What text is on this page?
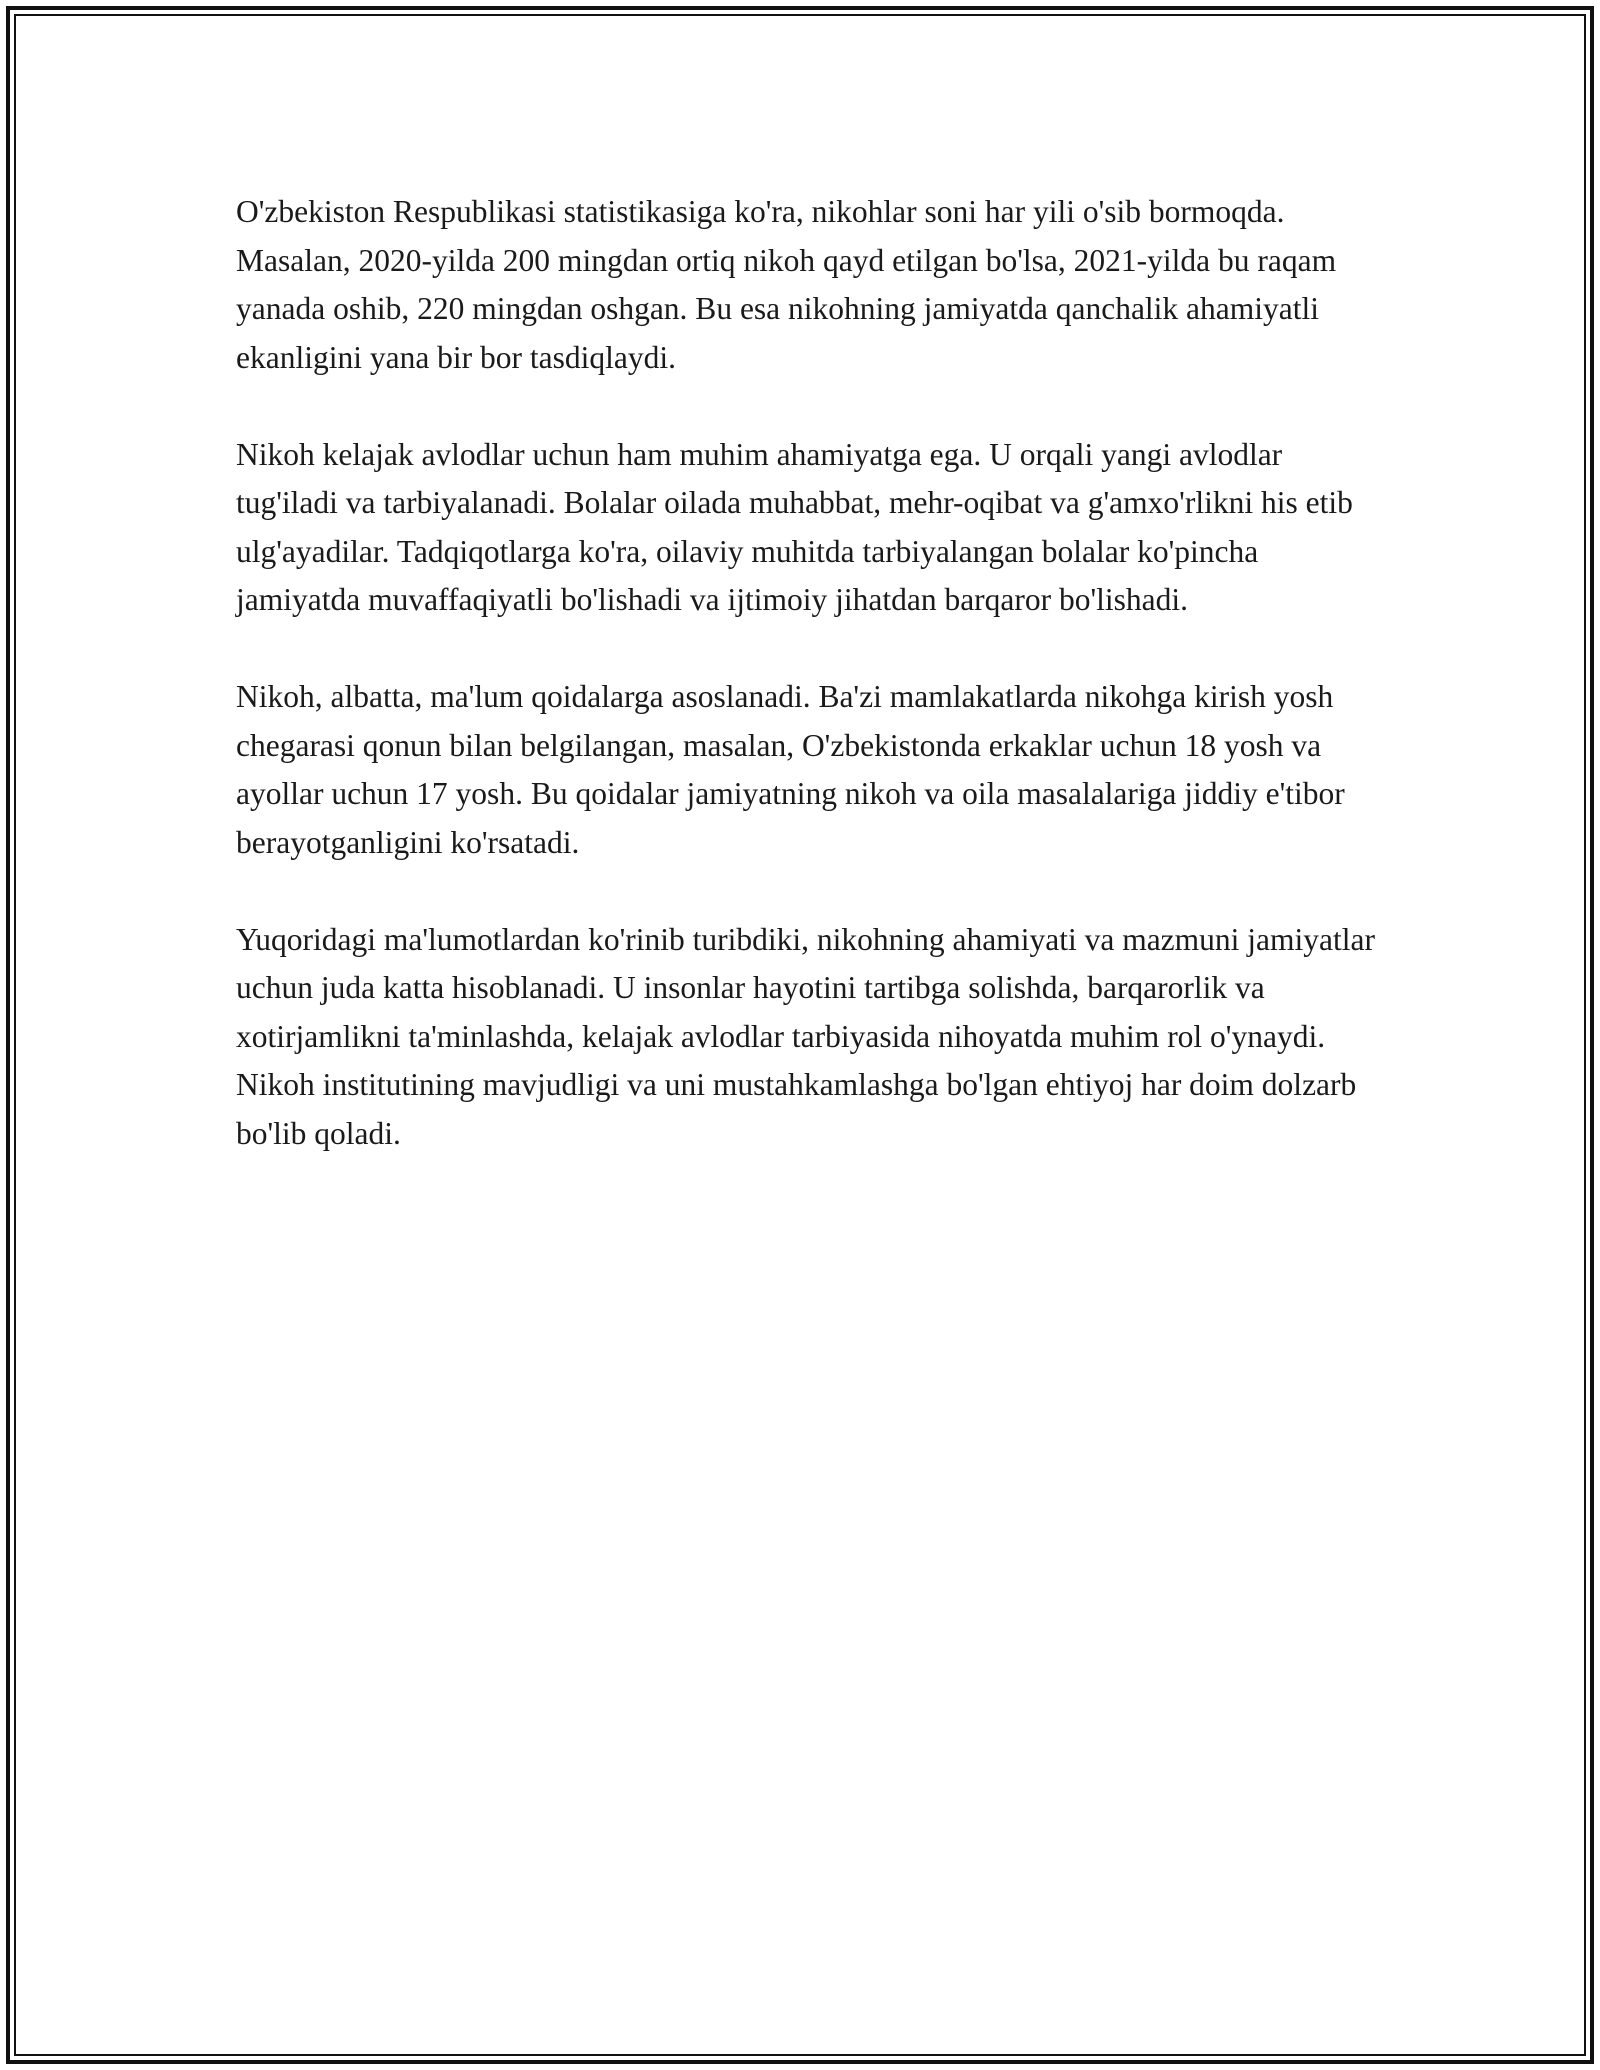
O'zbekiston Respublikasi statistikasiga ko'ra, nikohlar soni har yili o'sib bormoqda. Masalan, 2020-yilda 200 mingdan ortiq nikoh qayd etilgan bo'lsa, 2021-yilda bu raqam yanada oshib, 220 mingdan oshgan. Bu esa nikohning jamiyatda qanchalik ahamiyatli ekanligini yana bir bor tasdiqlaydi.

Nikoh kelajak avlodlar uchun ham muhim ahamiyatga ega. U orqali yangi avlodlar tug'iladi va tarbiyalanadi. Bolalar oilada muhabbat, mehr-oqibat va g'amxo'rlikni his etib ulg'ayadilar. Tadqiqotlarga ko'ra, oilaviy muhitda tarbiyalangan bolalar ko'pincha jamiyatda muvaffaqiyatli bo'lishadi va ijtimoiy jihatdan barqaror bo'lishadi.

Nikoh, albatta, ma'lum qoidalarga asoslanadi. Ba'zi mamlakatlarda nikohga kirish yosh chegarasi qonun bilan belgilangan, masalan, O'zbekistonda erkaklar uchun 18 yosh va ayollar uchun 17 yosh. Bu qoidalar jamiyatning nikoh va oila masalalariga jiddiy e'tibor berayotganligini ko'rsatadi.

Yuqoridagi ma'lumotlardan ko'rinib turibdiki, nikohning ahamiyati va mazmuni jamiyatlar uchun juda katta hisoblanadi. U insonlar hayotini tartibga solishda, barqarorlik va xotirjamlikni ta'minlashda, kelajak avlodlar tarbiyasida nihoyatda muhim rol o'ynaydi. Nikoh institutining mavjudligi va uni mustahkamlashga bo'lgan ehtiyoj har doim dolzarb bo'lib qoladi.
